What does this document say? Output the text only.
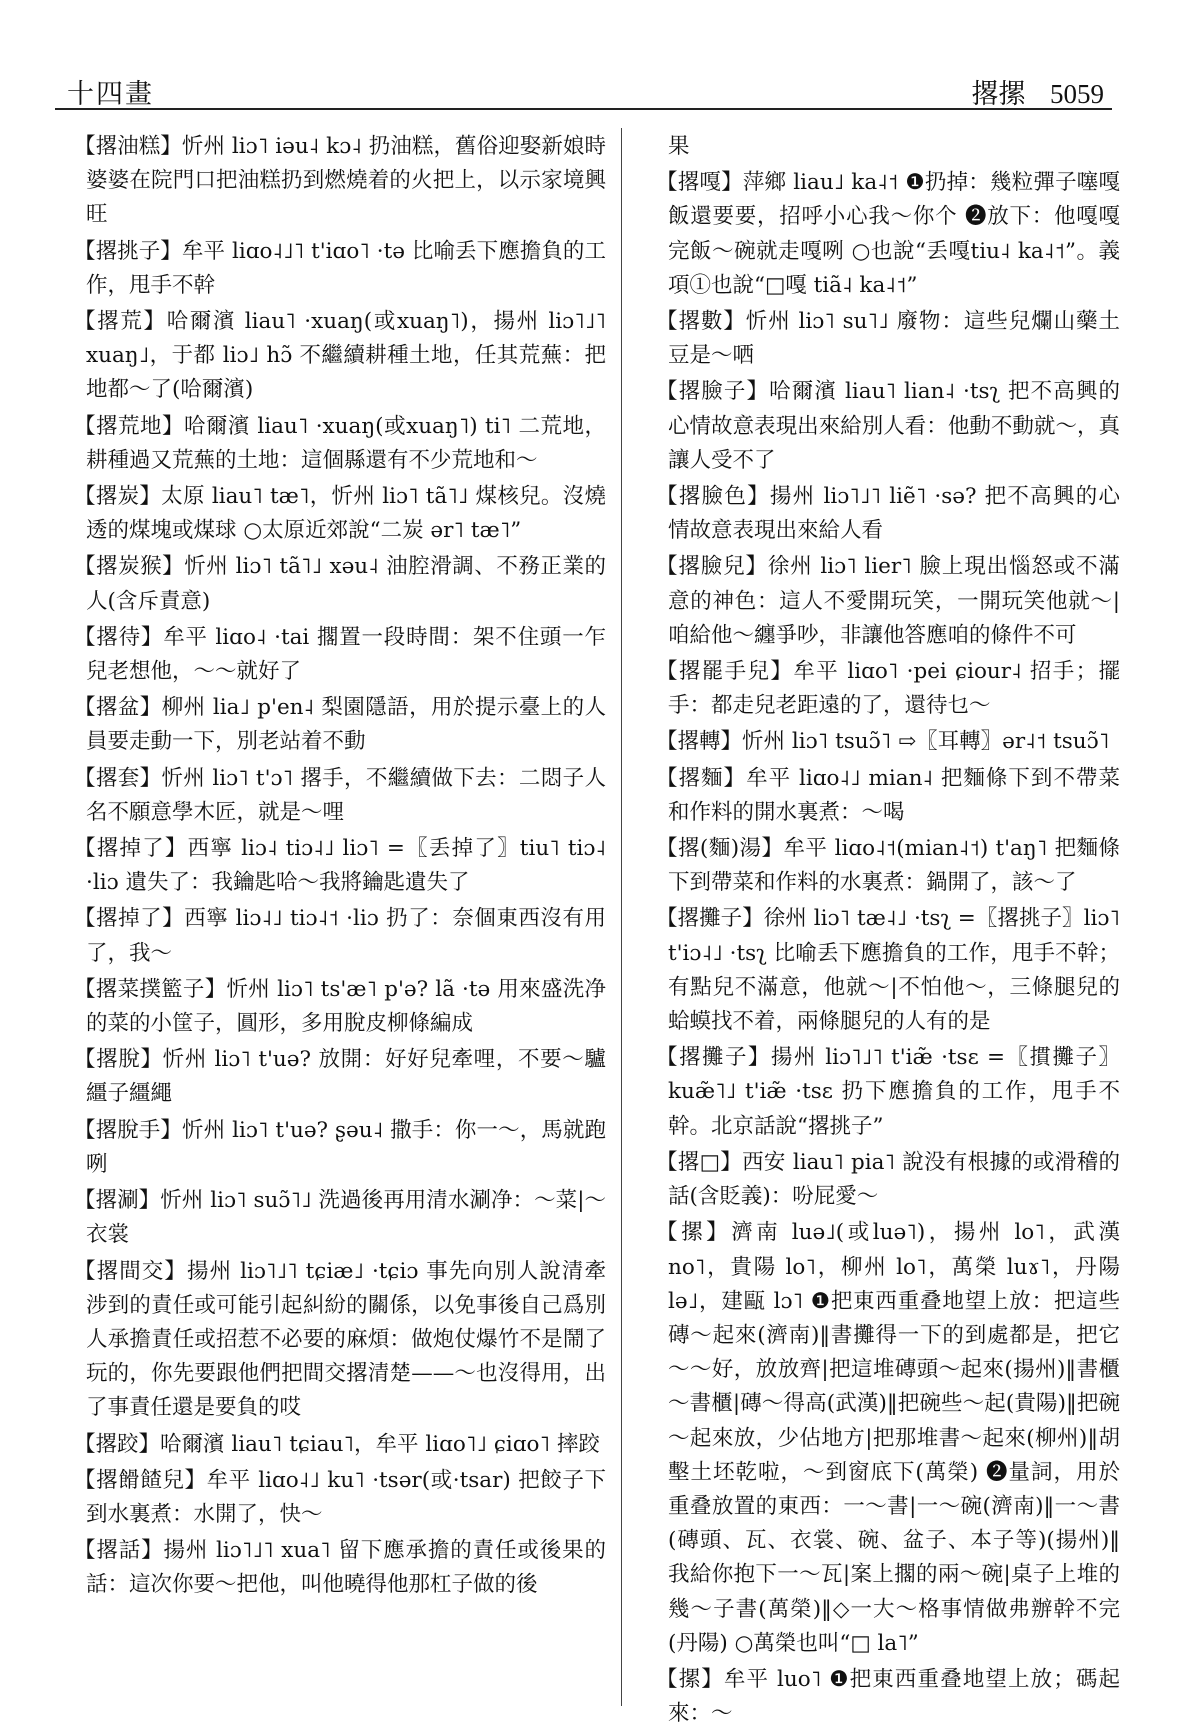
十四畫	撂摞 5059
【撂油糕】忻州 liɔ˥ iəu˨ kɔ˨ 扔油糕，舊俗迎娶新娘時婆婆在院門口把油糕扔到燃燒着的火把上，以示家境興旺
【撂挑子】牟平 liɑo˨˩˥ t'iɑo˥ ·tə 比喻丢下應擔負的工作，甩手不幹
【撂荒】哈爾濱 liau˥ ·xuaŋ(或xuaŋ˥)，揚州 liɔ˥˩˥ xuaŋ˩，于都 liɔ˩ hɔ̃ 不繼續耕種土地，任其荒蕪：把地都～了(哈爾濱)
【撂荒地】哈爾濱 liau˥ ·xuaŋ(或xuaŋ˥) ti˥ 二荒地，耕種過又荒蕪的土地：這個縣還有不少荒地和～
【撂炭】太原 liau˥ tæ˥，忻州 liɔ˥ tã˥˩ 煤核兒。沒燒透的煤塊或煤球 ○太原近郊說“二炭 ər˥ tæ˥”
【撂炭猴】忻州 liɔ˥ tã˥˩ xəu˨ 油腔滑調、不務正業的人(含斥責意)
【撂待】牟平 liɑo˨ ·tai 擱置一段時間：架不住頭一乍兒老想他，～～就好了
【撂盆】柳州 lia˩ p'en˨ 梨園隱語，用於提示臺上的人員要走動一下，別老站着不動
【撂套】忻州 liɔ˥ t'ɔ˥ 撂手，不繼續做下去：二悶子人名不願意學木匠，就是～哩
【撂掉了】西寧 liɔ˨ tiɔ˨˩ liɔ˥ =〖丢掉了〗tiu˥ tiɔ˨ ·liɔ 遺失了：我鑰匙哈～我將鑰匙遺失了
【撂掉了】西寧 liɔ˨˩ tiɔ˨˦ ·liɔ 扔了：奈個東西沒有用了，我～
【撂菜撲籃子】忻州 liɔ˥ ts'æ˥ p'ə? lã ·tə 用來盛洗净的菜的小筐子，圓形，多用脫皮柳條編成
【撂脫】忻州 liɔ˥ t'uə? 放開：好好兒牽哩，不要～驢繮子繮繩
【撂脫手】忻州 liɔ˥ t'uə? ʂəu˨ 撒手：你一～，馬就跑咧
【撂涮】忻州 liɔ˥ suɔ̃˥˩ 洗過後再用清水涮净：～菜|～衣裳
【撂間交】揚州 liɔ˥˩˥ tɕiæ˩ ·tɕiɔ 事先向別人說清牽涉到的責任或可能引起糾紛的關係，以免事後自己爲別人承擔責任或招惹不必要的麻煩：做炮仗爆竹不是鬧了玩的，你先要跟他們把間交撂清楚——～也沒得用，出了事責任還是要負的哎
【撂跤】哈爾濱 liau˥ tɕiau˥，牟平 liɑo˥˩ ɕiɑo˥ 摔跤
【撂餶餷兒】牟平 liɑo˨˩ ku˥ ·tsər(或·tsar) 把餃子下到水裏煮：水開了，快～
【撂話】揚州 liɔ˥˩˥ xua˥ 留下應承擔的責任或後果的話：這次你要～把他，叫他曉得他那杠子做的後
果
【撂嘎】萍鄉 liau˩ ka˨˦ ❶扔掉：幾粒彈子噻嘎飯還要要，招呼小心我～你个 ❷放下：他嘎嘎完飯～碗就走嘎咧 ○也說“丢嘎tiu˨ ka˨˦”。義項①也說“□嘎 tiã˨ ka˨˦”
【撂數】忻州 liɔ˥ su˥˩ 廢物：這些兒爛山藥土豆是～哂
【撂臉子】哈爾濱 liau˥ lian˨ ·tsʅ 把不高興的心情故意表現出來給別人看：他動不動就～，真讓人受不了
【撂臉色】揚州 liɔ˥˩˥ liẽ˥ ·sə? 把不高興的心情故意表現出來給人看
【撂臉兒】徐州 liɔ˥ lier˥ 臉上現出惱怒或不滿意的神色：這人不愛開玩笑，一開玩笑他就～|咱給他～纏爭吵，非讓他答應咱的條件不可
【撂罷手兒】牟平 liɑo˥ ·pei ɕiour˨ 招手；擺手：都走兒老距遠的了，還待乜～
【撂轉】忻州 liɔ˥ tsuɔ̃˥ ⇨〖耳轉〗ər˨˦ tsuɔ̃˥
【撂麵】牟平 liɑo˨˩ mian˨ 把麵條下到不帶菜和作料的開水裏煮：～喝
【撂(麵)湯】牟平 liɑo˨˦(mian˨˦) t'aŋ˥ 把麵條下到帶菜和作料的水裏煮：鍋開了，該～了
【撂攤子】徐州 liɔ˥ tæ˨˩ ·tsʅ =〖撂挑子〗liɔ˥ t'iɔ˨˩ ·tsʅ 比喻丢下應擔負的工作，甩手不幹；有點兒不滿意，他就～|不怕他～，三條腿兒的蛤蟆找不着，兩條腿兒的人有的是
【撂攤子】揚州 liɔ˥˩˥ t'iæ̃ ·tsɛ =〖摜攤子〗kuæ̃˥˩ t'iæ̃ ·tsɛ 扔下應擔負的工作，甩手不幹。北京話說“撂挑子”
【撂□】西安 liau˥ pia˥ 說没有根據的或滑稽的話(含貶義)：吩屁愛～
【摞】濟南 luə˩(或luə˥)，揚州 lo˥，武漢 no˥，貴陽 lo˥，柳州 lo˥，萬榮 luɤ˥，丹陽 lə˩，建甌 lɔ˥ ❶把東西重叠地望上放：把這些磚～起來(濟南)‖書攤得一下的到處都是，把它～～好，放放齊|把這堆磚頭～起來(揚州)‖書櫃～書櫃|磚～得高(武漢)‖把碗些～起(貴陽)‖把碗～起來放，少佔地方|把那堆書～起來(柳州)‖胡墼土坯乾啦，～到窗底下(萬榮) ❷量詞，用於重叠放置的東西：一～書|一～碗(濟南)‖一～書(磚頭、瓦、衣裳、碗、盆子、本子等)(揚州)‖我給你抱下一～瓦|案上擱的兩～碗|桌子上堆的幾～子書(萬榮)‖◇一大～格事情做弗辦幹不完(丹陽) ○萬榮也叫“□ la˥”
【摞】牟平 luo˥ ❶把東西重叠地望上放；碼起來：～
